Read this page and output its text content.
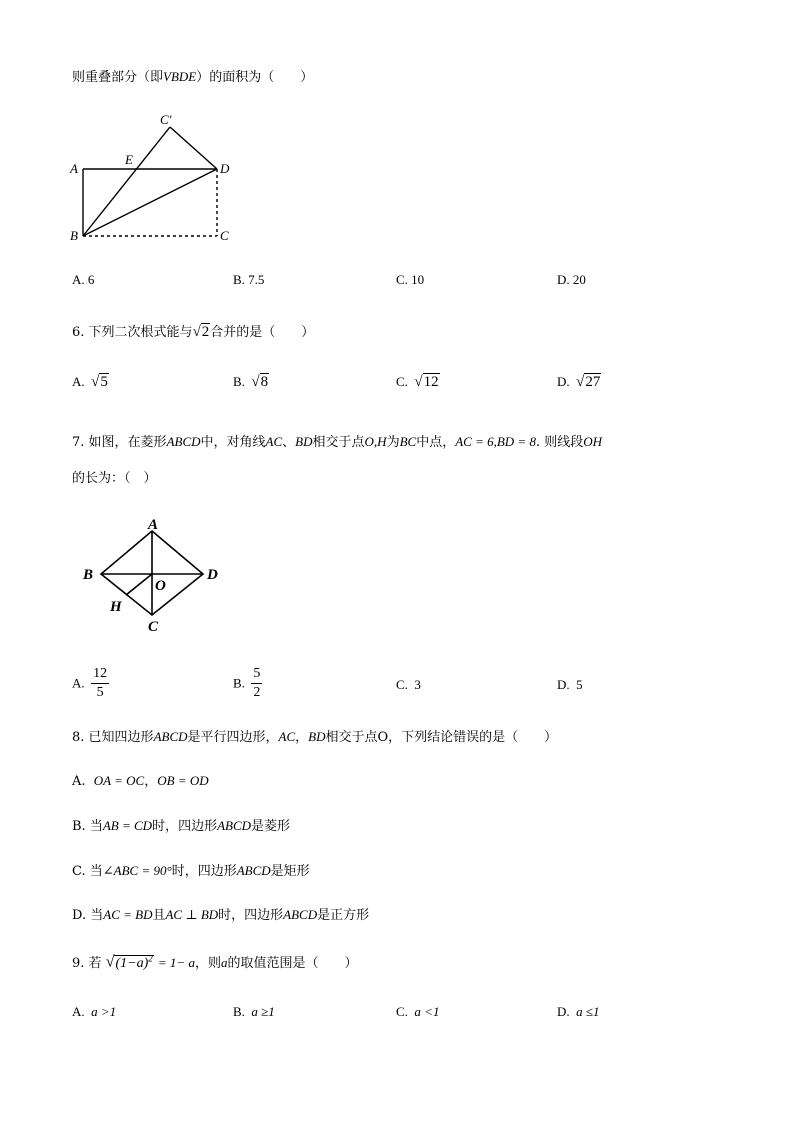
则重叠部分（即VBDE）的面积为（　　）
A
B	C
D
E
C′
A. 6	B. 7.5	C. 10	D. 20
6. 下列二次根式能与√2合并的是（　　）
A. √5	B. √8	C. √12	D. √27
7. 如图，在菱形ABCD中，对角线AC、BD相交于点O,H为BC中点，AC = 6,BD = 8. 则线段OH
的长为：（　）
A
B
C
D
O
H
A. $\frac{12}{5}$	B. $\frac{5}{2}$	C. 3	D. 5
8. 已知四边形ABCD是平行四边形，AC，BD相交于点O，下列结论错误的是（　　）
A. OA = OC，OB = OD
B. 当AB = CD时，四边形ABCD是菱形
C. 当∠ABC = 90°时，四边形ABCD是矩形
D. 当AC = BD且AC ⊥ BD时，四边形ABCD是正方形
9. 若 $√(1-a)^2 = 1- a$，则a的取值范围是（　　）
A. a >1	B. a ≥1	C. a <1	D. a ≤1
